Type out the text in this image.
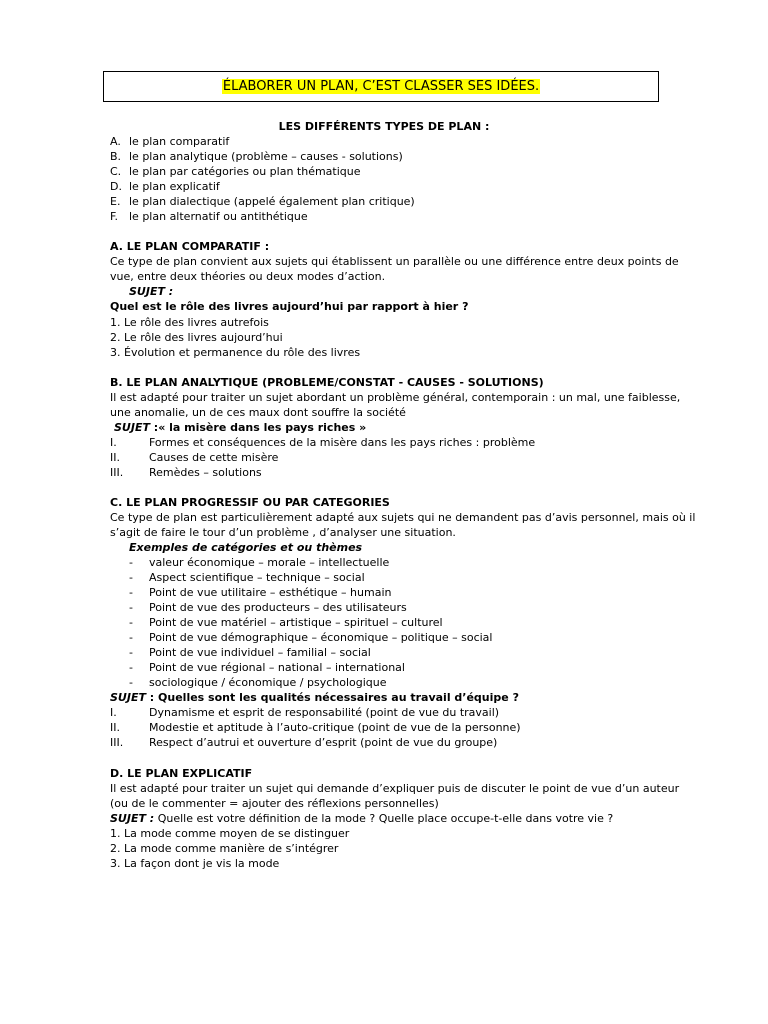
ÉLABORER UN PLAN, C’EST CLASSER SES IDÉES.
LES DIFFÉRENTS TYPES DE PLAN :
A. le plan comparatif
B. le plan analytique (problème – causes - solutions)
C. le plan par catégories ou plan thématique
D. le plan explicatif
E. le plan dialectique (appelé également plan critique)
F. le plan alternatif ou antithétique
A. LE PLAN COMPARATIF :
Ce type de plan convient aux sujets qui établissent un parallèle ou une différence entre deux points de
vue, entre deux théories ou deux modes d’action.
SUJET :
Quel est le rôle des livres aujourd’hui par rapport à hier ?
1. Le rôle des livres autrefois
2. Le rôle des livres aujourd’hui
3. Évolution et permanence du rôle des livres
B. LE PLAN ANALYTIQUE (PROBLEME/CONSTAT - CAUSES - SOLUTIONS)
Il est adapté pour traiter un sujet abordant un problème général, contemporain : un mal, une faiblesse,
une anomalie, un de ces maux dont souffre la société
SUJET :« la misère dans les pays riches »
I.	Formes et conséquences de la misère dans les pays riches : problème
II.	Causes de cette misère
III. Remèdes – solutions
C. LE PLAN PROGRESSIF OU PAR CATEGORIES
Ce type de plan est particulièrement adapté aux sujets qui ne demandent pas d’avis personnel, mais où il
s’agit de faire le tour d’un problème , d’analyser une situation.
Exemples de catégories et ou thèmes
- valeur économique – morale – intellectuelle
- Aspect scientifique – technique – social
- Point de vue utilitaire – esthétique – humain
- Point de vue des producteurs – des utilisateurs
- Point de vue matériel – artistique – spirituel – culturel
- Point de vue démographique – économique – politique – social
- Point de vue individuel – familial – social
- Point de vue régional – national – international
- sociologique / économique / psychologique
SUJET : Quelles sont les qualités nécessaires au travail d’équipe ?
I.	Dynamisme et esprit de responsabilité (point de vue du travail)
II.	Modestie et aptitude à l’auto-critique (point de vue de la personne)
III. Respect d’autrui et ouverture d’esprit (point de vue du groupe)
D. LE PLAN EXPLICATIF
Il est adapté pour traiter un sujet qui demande d’expliquer puis de discuter le point de vue d’un auteur
(ou de le commenter = ajouter des réflexions personnelles)
SUJET : Quelle est votre définition de la mode ? Quelle place occupe-t-elle dans votre vie ?
1. La mode comme moyen de se distinguer
2. La mode comme manière de s’intégrer
3. La façon dont je vis la mode
